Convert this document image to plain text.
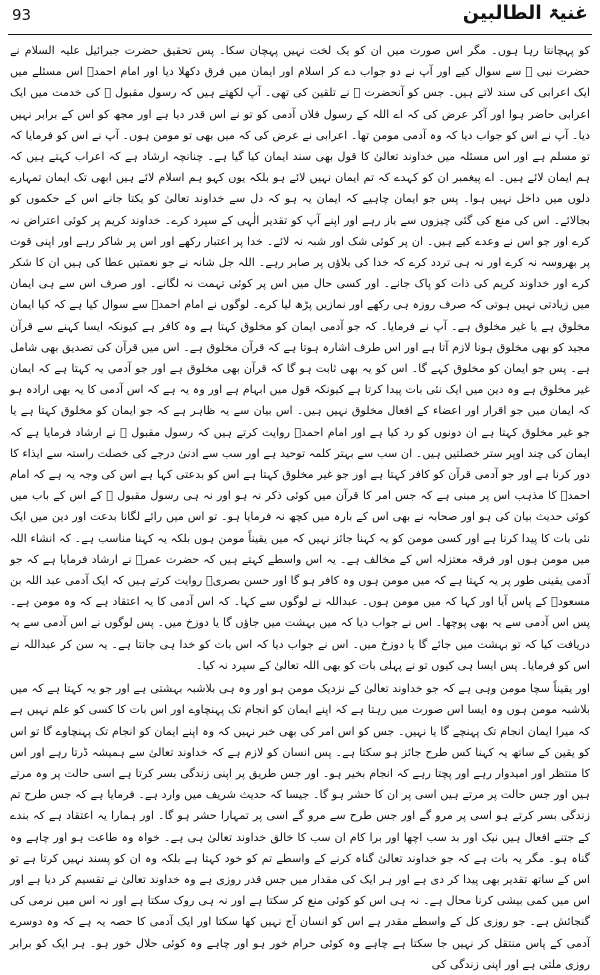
93	غنیۃ الطالبین

کو پہچانتا رہا ہوں۔ مگر اس صورت میں ان کو یک لخت نہیں پہچان سکا۔ پس تحقیق حضرت جبرائیل علیہ السلام نے حضرت نبی ﷺ سے سوال کیے اور آپ نے دو جواب دے کر اسلام اور ایمان میں فرق دکھلا دیا اور امام احمدؒ اس مسئلے میں ایک اعرابی کی سند لاتے ہیں۔ جس کو آنحضرت ﷺ نے تلقین کی تھی۔ آپ لکھتے ہیں کہ رسول مقبول ﷺ کی خدمت میں ایک اعرابی حاضر ہوا اور آکر عرض کی کہ اے اللہ کے رسول فلاں آدمی کو تو نے اس قدر دیا ہے اور مجھ کو اس کے برابر نہیں دیا۔ آپ نے اس کو جواب دیا کہ وہ آدمی مومن تھا۔ اعرابی نے عرض کی کہ میں بھی تو مومن ہوں۔ آپ نے اس کو فرمایا کہ تو مسلم ہے اور اس مسئلہ میں خداوند تعالیٰ کا قول بھی سند ایمان کیا گیا ہے۔ چنانچہ ارشاد ہے کہ اعراب کہتے ہیں کہ ہم ایمان لائے ہیں۔ اے پیغمبر ان کو کہدے کہ تم ایمان نہیں لائے ہو بلکہ یوں کہو ہم اسلام لائے ہیں ابھی تک ایمان تمہارے دلوں میں داخل نہیں ہوا۔ پس جو ایمان چاہیے کہ ایمان یہ ہو کہ دل سے خداوند تعالیٰ کو یکتا جانے اس کے حکموں کو بجالائے۔ اس کی منع کی گئی چیزوں سے باز رہے اور اپنے آپ کو تقدیر الٰہی کے سپرد کرے۔ خداوند کریم پر کوئی اعتراض نہ کرے اور جو اس نے وعدے کیے ہیں۔ ان پر کوئی شک اور شبہ نہ لائے۔ خدا پر اعتبار رکھے اور اس پر شاکر رہے اور اپنی قوت پر بھروسہ نہ کرے اور نہ ہی تردد کرے کہ خدا کی بلاؤں پر صابر رہے۔ اللہ جل شانہ نے جو نعمتیں عطا کی ہیں ان کا شکر کرے اور خداوند کریم کی ذات کو پاک جانے۔ اور کسی حال میں اس پر کوئی تہمت نہ لگانے۔ اور صرف اس سے ہی ایمان میں زیادتی نہیں ہوتی کہ صرف روزہ ہی رکھے اور نمازیں پڑھ لیا کرے۔ لوگوں نے امام احمدؒ سے سوال کیا ہے کہ کیا ایمان مخلوق ہے یا غیر مخلوق ہے۔ آپ نے فرمایا۔ کہ جو آدمی ایمان کو مخلوق کہتا ہے وہ کافر ہے کیونکہ ایسا کہنے سے قرآن مجید کو بھی مخلوق ہونا لازم آتا ہے اور اس طرف اشارہ ہوتا ہے کہ قرآن مخلوق ہے۔ اس میں قرآن کی تصدیق بھی شامل ہے۔ پس جو ایمان کو مخلوق کہے گا۔ اس کو یہ بھی ثابت ہو گا کہ قرآن بھی مخلوق ہے اور جو آدمی یہ کہتا ہے کہ ایمان غیر مخلوق ہے وہ دین میں ایک نئی بات پیدا کرتا ہے کیونکہ قول میں ابہام ہے اور وہ یہ ہے کہ اس آدمی کا یہ بھی ارادہ ہو کہ ایمان میں جو اقرار اور اعضاء کے افعال مخلوق نہیں ہیں۔ اس بیان سے یہ ظاہر ہے کہ جو ایمان کو مخلوق کہتا ہے یا جو غیر مخلوق کہتا ہے ان دونوں کو رد کیا ہے اور امام احمدؒ روایت کرتے ہیں کہ رسول مقبول ﷺ نے ارشاد فرمایا ہے کہ ایمان کی چند اوپر ستر خصلتیں ہیں۔ ان سب سے بہتر کلمہ توحید ہے اور سب سے ادنیٰ درجے کی خصلت راستہ سے ایذاء کا دور کرنا ہے اور جو آدمی قرآن کو کافر کہتا ہے اور جو غیر مخلوق کہتا ہے اس کو بدعتی کہا ہے اس کی وجہ یہ ہے کہ امام احمدؒ کا مذہب اس پر مبنی ہے کہ جس امر کا قرآن میں کوئی ذکر نہ ہو اور نہ ہی رسول مقبول ﷺ کے اس کے باب میں کوئی حدیث بیان کی ہو اور صحابہ نے بھی اس کے بارہ میں کچھ نہ فرمایا ہو۔ تو اس میں رائے لگانا بدعت اور دین میں ایک نئی بات کا پیدا کرنا ہے اور کسی مومن کو یہ کہنا جائز نہیں کہ میں یقیناً مومن ہوں بلکہ یہ کہنا مناسب ہے۔ کہ انشاء اللہ میں مومن ہوں اور فرقہ معتزلہ اس کے مخالف ہے۔ یہ اس واسطے کہتے ہیں کہ حضرت عمرؓ نے ارشاد فرمایا ہے کہ جو آدمی یقینی طور پر یہ کہتا ہے کہ میں مومن ہوں وہ کافر ہو گا اور حسن بصریؒ روایت کرتے ہیں کہ ایک آدمی عبد اللہ بن مسعودؓ کے پاس آیا اور کہا کہ میں مومن ہوں۔ عبداللہ نے لوگوں سے کہا۔ کہ اس آدمی کا یہ اعتقاد ہے کہ وہ مومن ہے۔ پس اس آدمی سے یہ بھی پوچھا۔ اس نے جواب دیا کہ میں بہشت میں جاؤں گا یا دوزخ میں۔ پس لوگوں نے اس آدمی سے یہ دریافت کیا کہ تو بہشت میں جائے گا یا دوزخ میں۔ اس نے جواب دیا کہ اس بات کو خدا ہی جانتا ہے۔ یہ سن کر عبداللہ نے اس کو فرمایا۔ پس ایسا ہی کیوں تو نے پہلی بات کو بھی اللہ تعالیٰ کے سپرد نہ کیا۔

اور یقیناً سچا مومن وہی ہے کہ جو خداوند تعالیٰ کے نزدیک مومن ہو اور وہ ہی بلاشبہ بہشتی ہے اور جو یہ کہتا ہے کہ میں بلاشبہ مومن ہوں وہ ایسا اس صورت میں رہتا ہے کہ اپنے ایمان کو انجام تک پہنچاوے اور اس بات کا کسی کو علم نہیں ہے کہ میرا ایمان انجام تک پہنچے گا یا نہیں۔ جس کو اس امر کی بھی خبر نہیں کہ وہ اپنے ایمان کو انجام تک پہنچاوے گا تو اس کو یقین کے ساتھ یہ کہنا کس طرح جائز ہو سکتا ہے۔ پس انسان کو لازم ہے کہ خداوند تعالیٰ سے ہمیشہ ڈرتا رہے اور اس کا منتظر اور امیدوار رہے اور پچتا رہے کہ انجام بخیر ہو۔ اور جس طریق پر اپنی زندگی بسر کرتا ہے اسی حالت پر وہ مرتے ہیں اور جس حالت پر مرتے ہیں اسی پر ان کا حشر ہو گا۔ جیسا کہ حدیث شریف میں وارد ہے۔ فرمایا ہے کہ جس طرح تم زندگی بسر کرتے ہو اسی پر مرو گے اور جس طرح سے مرو گے اسی پر تمہارا حشر ہو گا۔ اور ہمارا یہ اعتقاد ہے کہ بندے کے جتنے افعال ہیں نیک اور بد سب اچھا اور برا کام ان سب کا خالق خداوند تعالیٰ ہی ہے۔ خواہ وہ طاعت ہو اور چاہے وہ گناہ ہو۔ مگر یہ بات ہے کہ جو خداوند تعالیٰ گناہ کرنے کے واسطے تم کو خود کہتا ہے بلکہ وہ ان کو پسند نہیں کرتا ہے تو اس کے ساتھ تقدیر بھی پیدا کر دی ہے اور ہر ایک کی مقدار میں جس قدر روزی ہے وہ خداوند تعالیٰ نے تقسیم کر دیا ہے اور اس میں کمی بیشی کرنا محال ہے۔ نہ ہی اس کو کوئی منع کر سکتا ہے اور نہ ہی روک سکتا ہے اور نہ اس میں نرمی کی گنجائش ہے۔ جو روزی کل کے واسطے مقدر ہے اس کو انسان آج نہیں کھا سکتا اور ایک آدمی کا حصہ یہ ہے کہ وہ دوسرے آدمی کے پاس منتقل کر نہیں جا سکتا ہے چاہے وہ کوئی حرام خور ہو اور چاہے وہ کوئی حلال خور ہو۔ ہر ایک کو برابر روزی ملتی ہے اور اپنی زندگی کی
